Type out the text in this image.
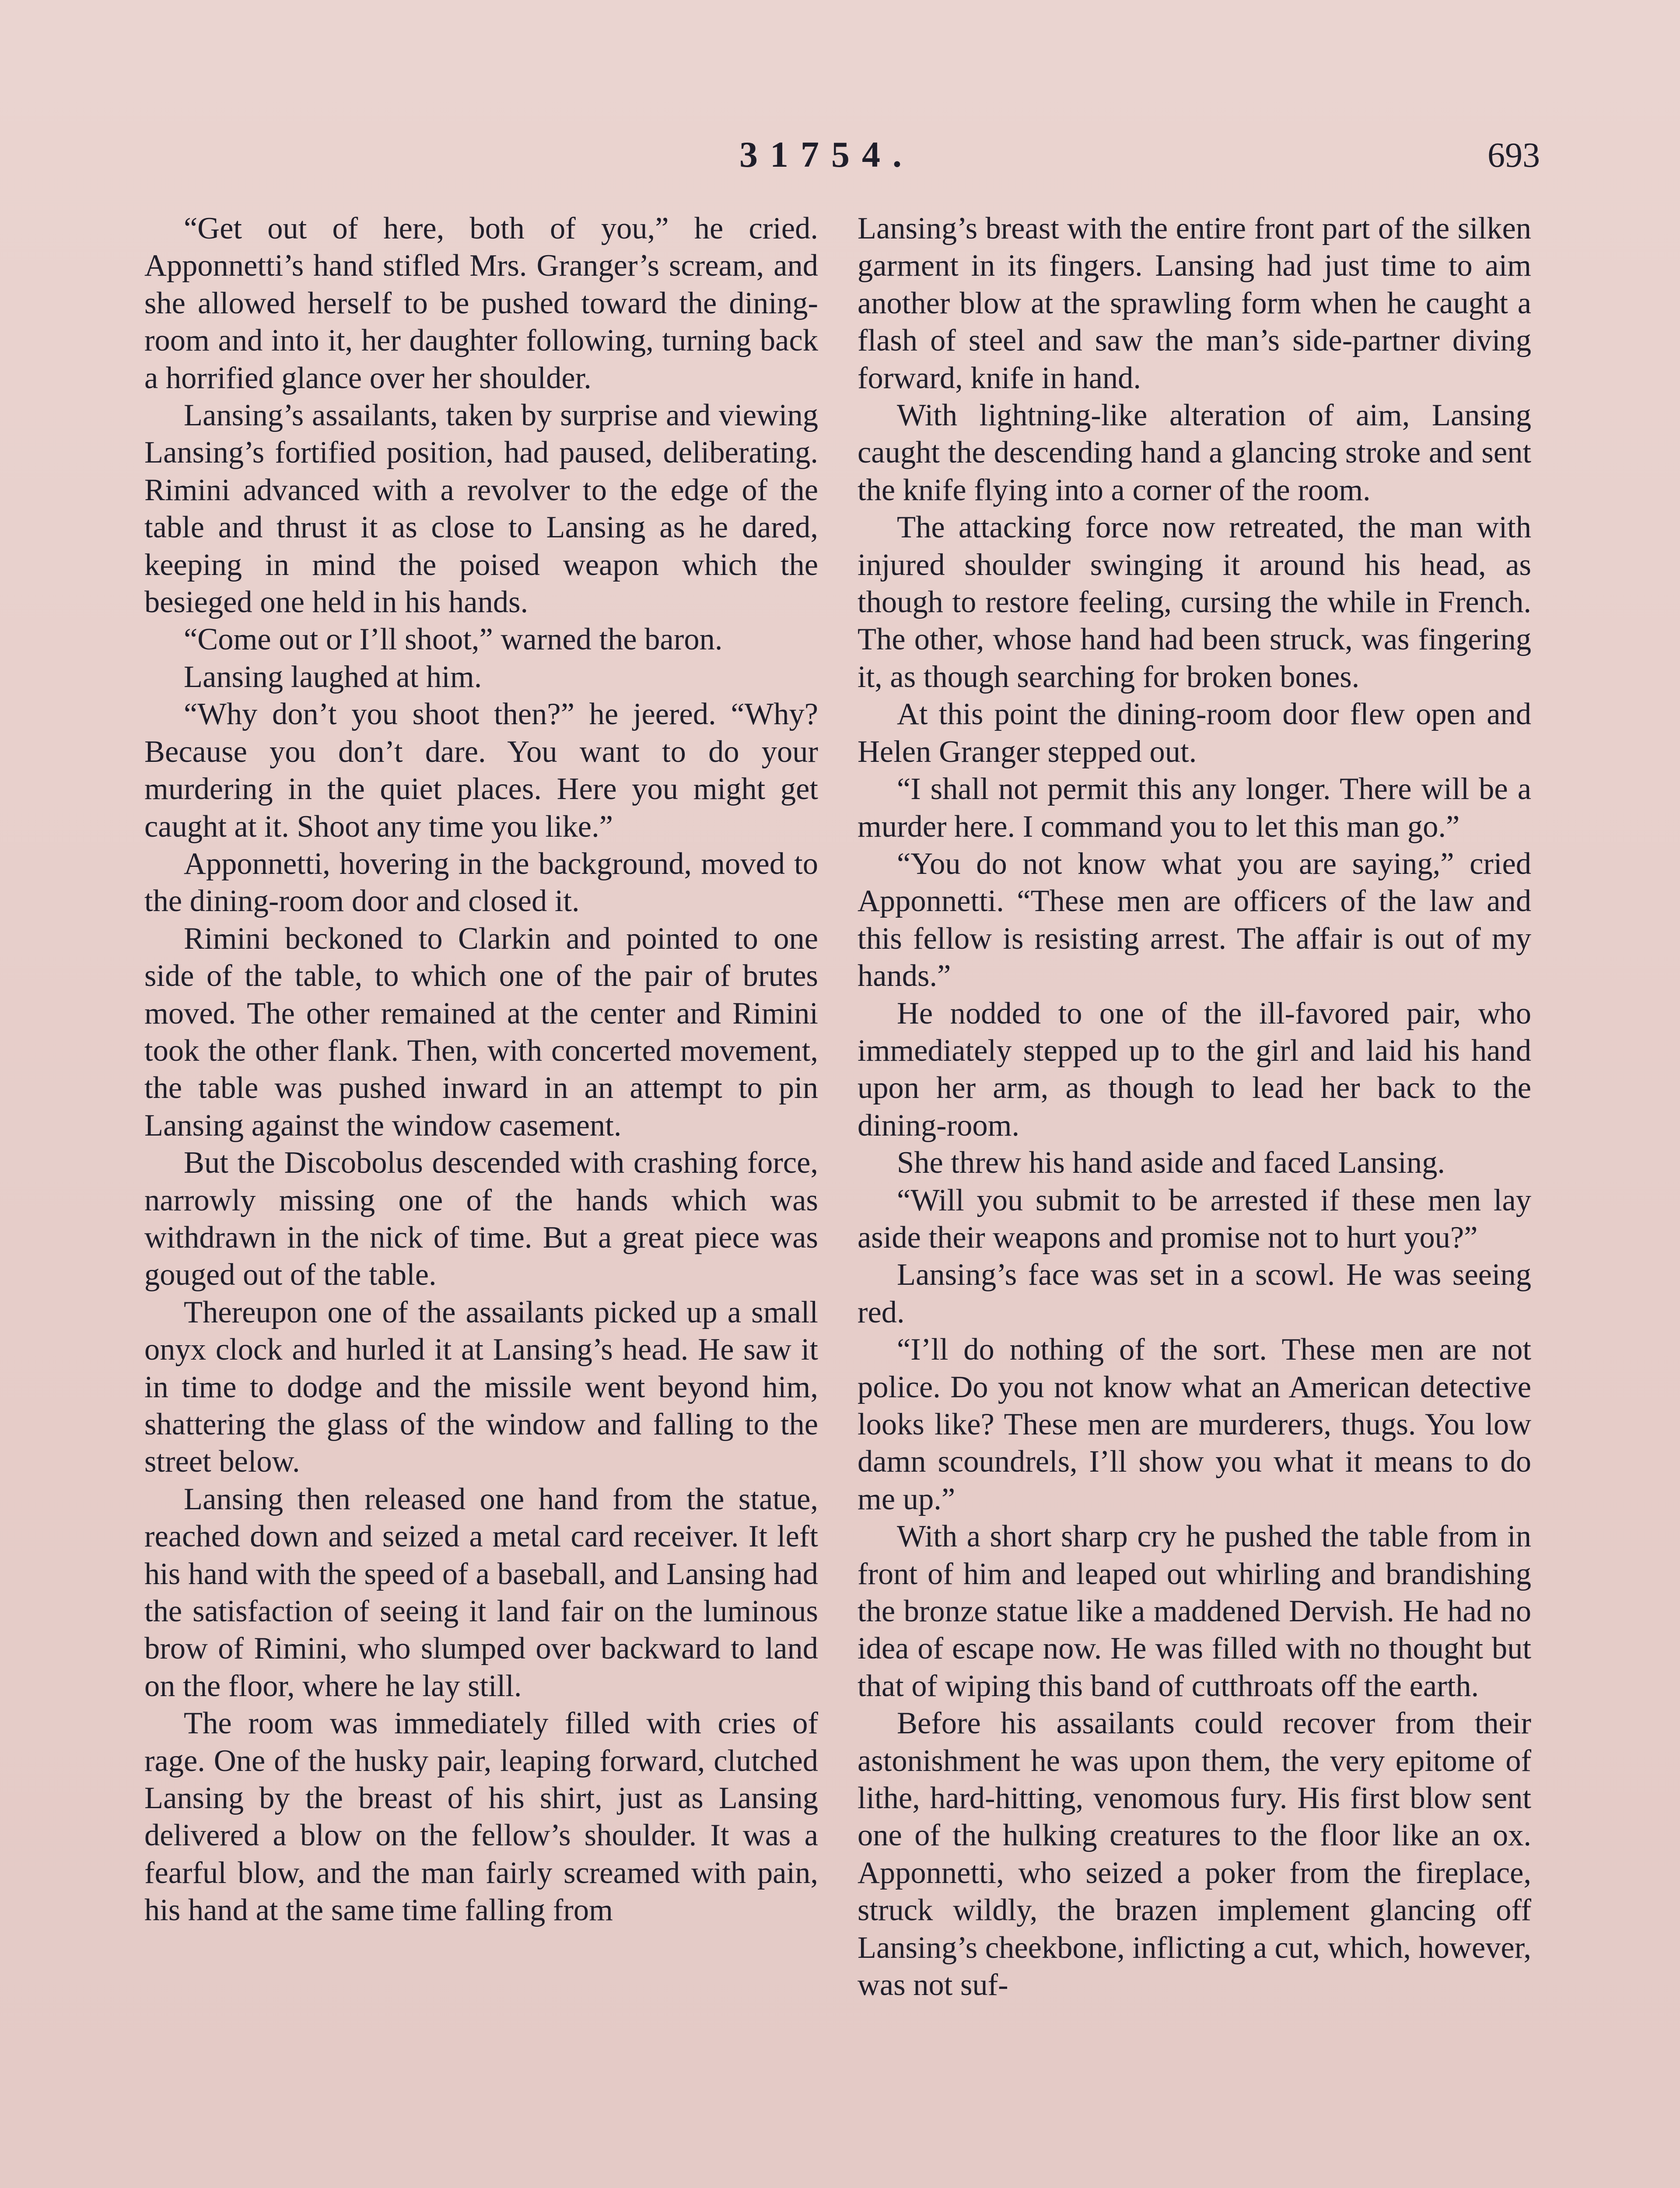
31754.	693

“Get out of here, both of you,” he cried. Apponnetti’s hand stifled Mrs. Granger’s scream, and she allowed herself to be pushed toward the dining-room and into it, her daughter following, turning back a horrified glance over her shoulder.

Lansing’s assailants, taken by surprise and viewing Lansing’s fortified position, had paused, deliberating. Rimini advanced with a revolver to the edge of the table and thrust it as close to Lansing as he dared, keeping in mind the poised weapon which the besieged one held in his hands.

“Come out or I’ll shoot,” warned the baron.

Lansing laughed at him.

“Why don’t you shoot then?” he jeered. “Why? Because you don’t dare. You want to do your murdering in the quiet places. Here you might get caught at it. Shoot any time you like.”

Apponnetti, hovering in the background, moved to the dining-room door and closed it.

Rimini beckoned to Clarkin and pointed to one side of the table, to which one of the pair of brutes moved. The other remained at the center and Rimini took the other flank. Then, with concerted movement, the table was pushed inward in an attempt to pin Lansing against the window casement.

But the Discobolus descended with crashing force, narrowly missing one of the hands which was withdrawn in the nick of time. But a great piece was gouged out of the table.

Thereupon one of the assailants picked up a small onyx clock and hurled it at Lansing’s head. He saw it in time to dodge and the missile went beyond him, shattering the glass of the window and falling to the street below.

Lansing then released one hand from the statue, reached down and seized a metal card receiver. It left his hand with the speed of a baseball, and Lansing had the satisfaction of seeing it land fair on the luminous brow of Rimini, who slumped over backward to land on the floor, where he lay still.

The room was immediately filled with cries of rage. One of the husky pair, leaping forward, clutched Lansing by the breast of his shirt, just as Lansing delivered a blow on the fellow’s shoulder. It was a fearful blow, and the man fairly screamed with pain, his hand at the same time falling from

Lansing’s breast with the entire front part of the silken garment in its fingers. Lansing had just time to aim another blow at the sprawling form when he caught a flash of steel and saw the man’s side-partner diving forward, knife in hand.

With lightning-like alteration of aim, Lansing caught the descending hand a glancing stroke and sent the knife flying into a corner of the room.

The attacking force now retreated, the man with injured shoulder swinging it around his head, as though to restore feeling, cursing the while in French. The other, whose hand had been struck, was fingering it, as though searching for broken bones.

At this point the dining-room door flew open and Helen Granger stepped out.

“I shall not permit this any longer. There will be a murder here. I command you to let this man go.”

“You do not know what you are saying,” cried Apponnetti. “These men are officers of the law and this fellow is resisting arrest. The affair is out of my hands.”

He nodded to one of the ill-favored pair, who immediately stepped up to the girl and laid his hand upon her arm, as though to lead her back to the dining-room.

She threw his hand aside and faced Lansing.

“Will you submit to be arrested if these men lay aside their weapons and promise not to hurt you?”

Lansing’s face was set in a scowl. He was seeing red.

“I’ll do nothing of the sort. These men are not police. Do you not know what an American detective looks like? These men are murderers, thugs. You low damn scoundrels, I’ll show you what it means to do me up.”

With a short sharp cry he pushed the table from in front of him and leaped out whirling and brandishing the bronze statue like a maddened Dervish. He had no idea of escape now. He was filled with no thought but that of wiping this band of cutthroats off the earth.

Before his assailants could recover from their astonishment he was upon them, the very epitome of lithe, hard-hitting, venomous fury. His first blow sent one of the hulking creatures to the floor like an ox. Apponnetti, who seized a poker from the fireplace, struck wildly, the brazen implement glancing off Lansing’s cheekbone, inflicting a cut, which, however, was not suf-
